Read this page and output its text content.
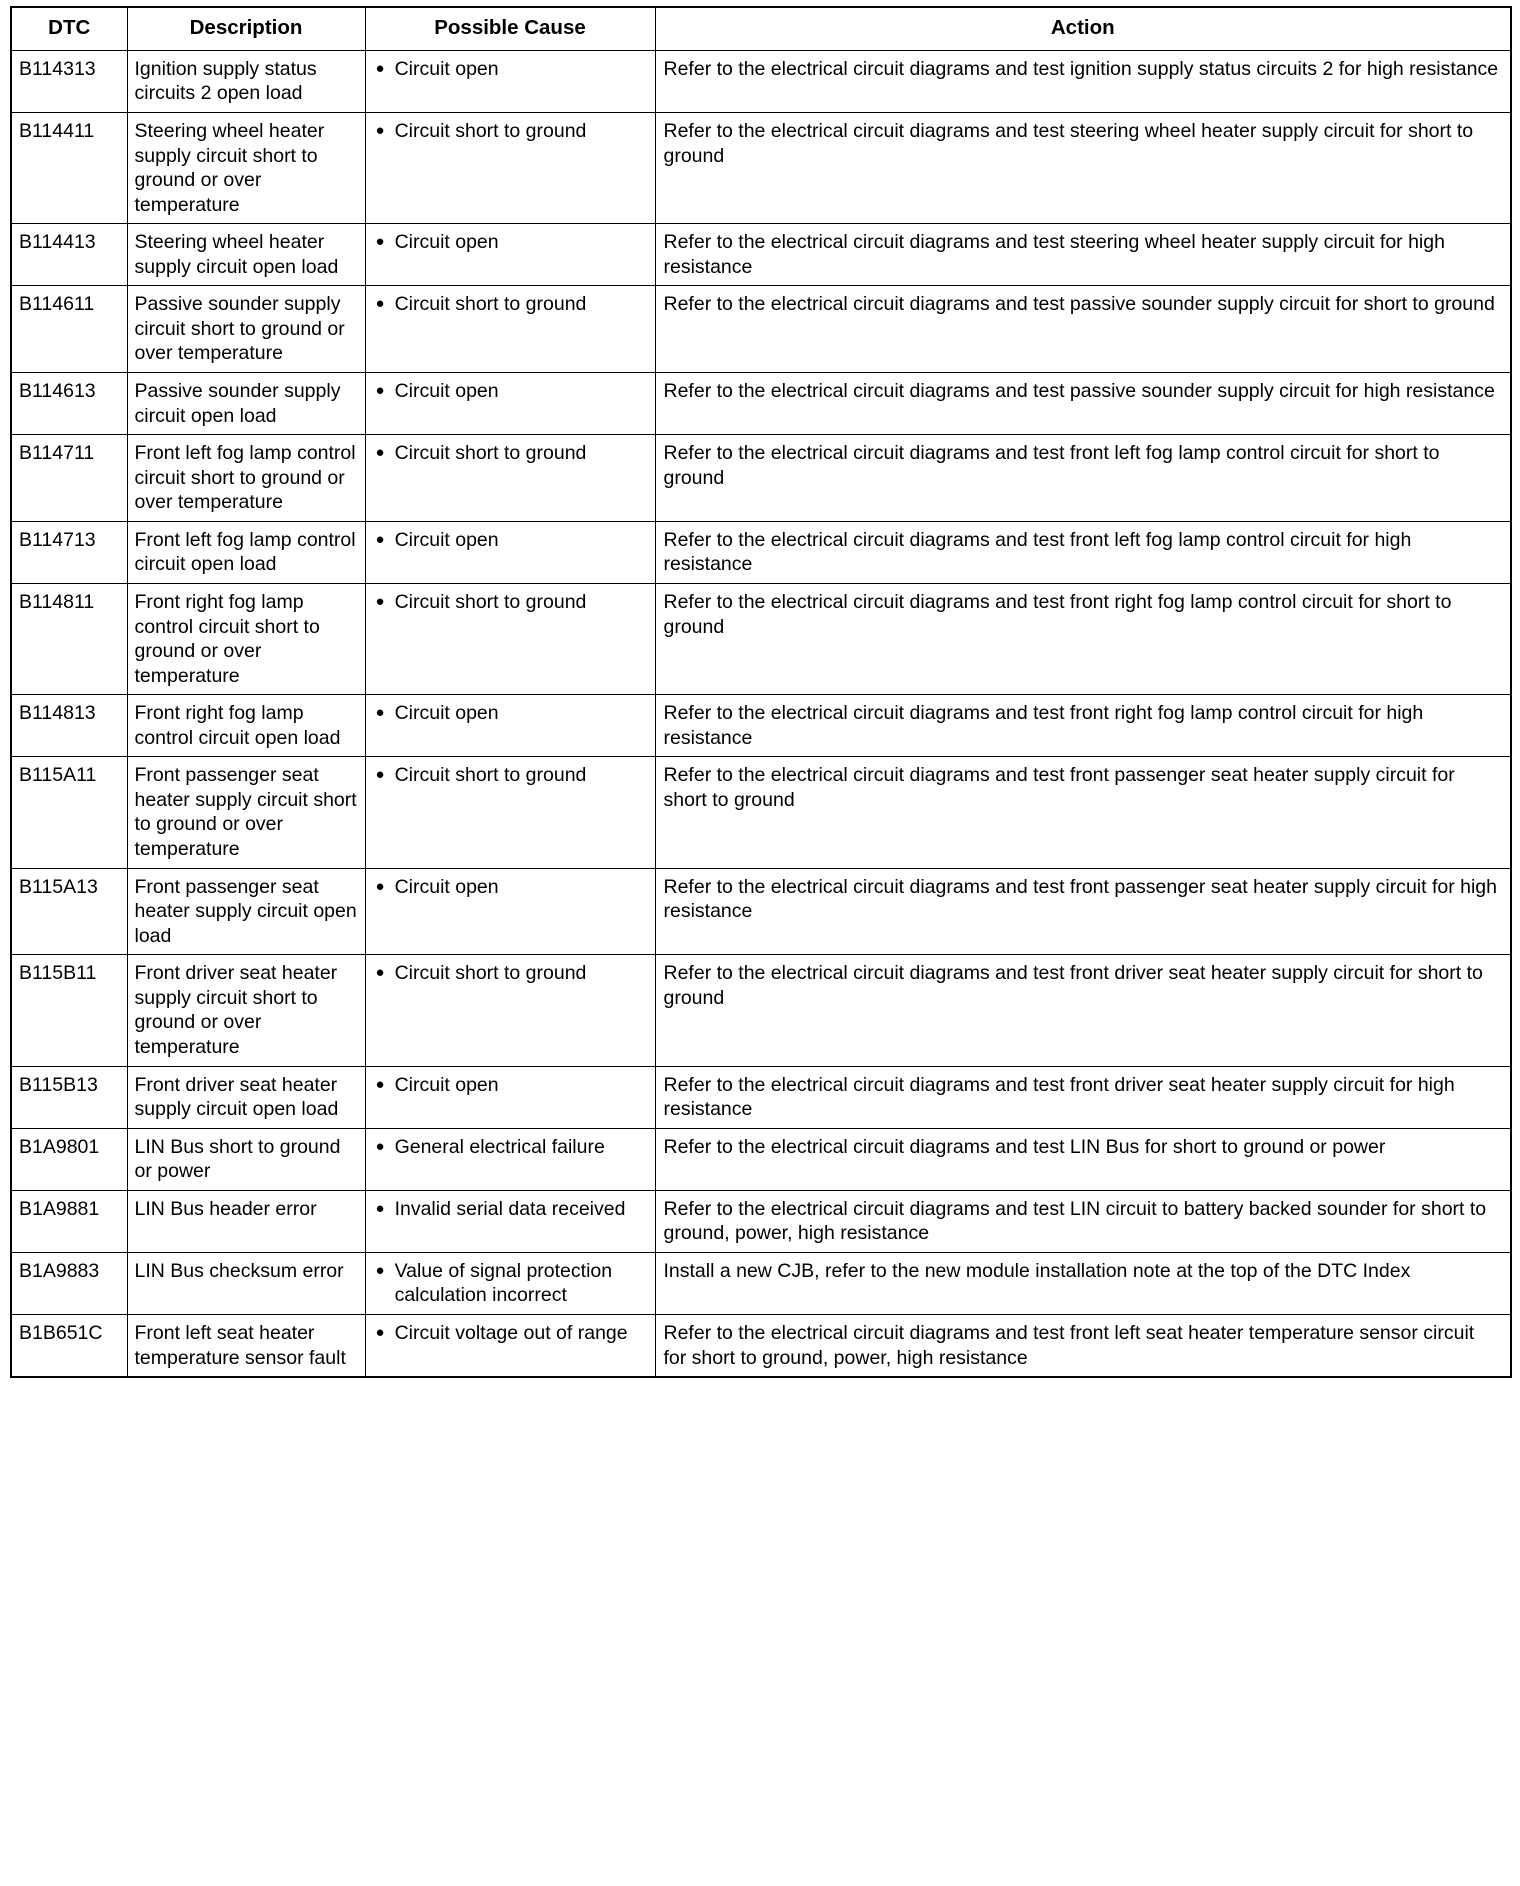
DTC	Description	Possible Cause	Action
B114313	Ignition supply status circuits 2 open load	● Circuit open	Refer to the electrical circuit diagrams and test ignition supply status circuits 2 for high resistance
B114411	Steering wheel heater supply circuit short to ground or over temperature	● Circuit short to ground	Refer to the electrical circuit diagrams and test steering wheel heater supply circuit for short to ground
B114413	Steering wheel heater supply circuit open load	● Circuit open	Refer to the electrical circuit diagrams and test steering wheel heater supply circuit for high resistance
B114611	Passive sounder supply circuit short to ground or over temperature	● Circuit short to ground	Refer to the electrical circuit diagrams and test passive sounder supply circuit for short to ground
B114613	Passive sounder supply circuit open load	● Circuit open	Refer to the electrical circuit diagrams and test passive sounder supply circuit for high resistance
B114711	Front left fog lamp control circuit short to ground or over temperature	● Circuit short to ground	Refer to the electrical circuit diagrams and test front left fog lamp control circuit for short to ground
B114713	Front left fog lamp control circuit open load	● Circuit open	Refer to the electrical circuit diagrams and test front left fog lamp control circuit for high resistance
B114811	Front right fog lamp control circuit short to ground or over temperature	● Circuit short to ground	Refer to the electrical circuit diagrams and test front right fog lamp control circuit for short to ground
B114813	Front right fog lamp control circuit open load	● Circuit open	Refer to the electrical circuit diagrams and test front right fog lamp control circuit for high resistance
B115A11	Front passenger seat heater supply circuit short to ground or over temperature	● Circuit short to ground	Refer to the electrical circuit diagrams and test front passenger seat heater supply circuit for short to ground
B115A13	Front passenger seat heater supply circuit open load	● Circuit open	Refer to the electrical circuit diagrams and test front passenger seat heater supply circuit for high resistance
B115B11	Front driver seat heater supply circuit short to ground or over temperature	● Circuit short to ground	Refer to the electrical circuit diagrams and test front driver seat heater supply circuit for short to ground
B115B13	Front driver seat heater supply circuit open load	● Circuit open	Refer to the electrical circuit diagrams and test front driver seat heater supply circuit for high resistance
B1A9801	LIN Bus short to ground or power	● General electrical failure	Refer to the electrical circuit diagrams and test LIN Bus for short to ground or power
B1A9881	LIN Bus header error	● Invalid serial data received	Refer to the electrical circuit diagrams and test LIN circuit to battery backed sounder for short to ground, power, high resistance
B1A9883	LIN Bus checksum error	● Value of signal protection calculation incorrect	Install a new CJB, refer to the new module installation note at the top of the DTC Index
B1B651C	Front left seat heater temperature sensor fault	● Circuit voltage out of range	Refer to the electrical circuit diagrams and test front left seat heater temperature sensor circuit for short to ground, power, high resistance
